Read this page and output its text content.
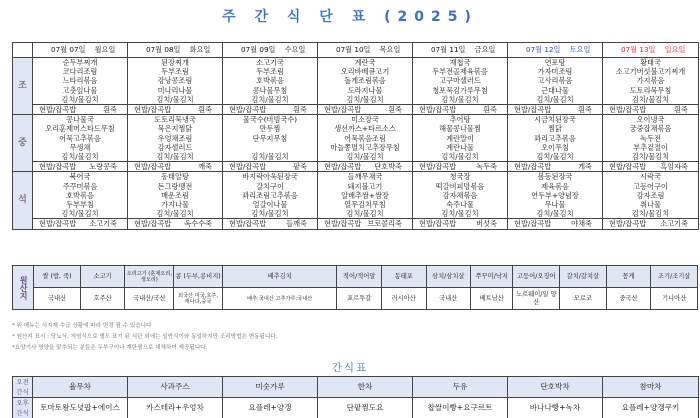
주 간 식 단 표 (2025)
	07월 07일 월요일	07월 08일 화요일	07월 09일 수요일	07월 10일 목요일	07월 11일 금요일	07월 12일 토요일	07월 13일 일요일
조	순두부찌개	된장찌개	소고기국	계란국	재첩국	연포탕	황태국
	코다리조림	두부조림	두부조림	오리바베큐고기	두부전골제육볶음	가자미조림	소고기버섯불고기찌개
	느타리볶음	강낭콩조림	호박볶음	돌게조림볶음	고구마샐러드	고사리볶음	가지볶음
	고춧잎나물	미나리나물	콩나물무침	도라지나물	청포묵김가루무침	근대나물	도토리묵무침
	김치/물김치	김치/물김치	김치/물김치	김치/물김치	김치/물김치	김치/물김치	김치/물김치

	현밥/잡곡밥 흰죽	현밥/잡곡밥 흰죽	현밥/잡곡밥 흰죽	현밥/잡곡밥 흰죽	현밥/잡곡밥 흰죽	현밥/잡곡밥 흰죽	현밥/잡곡밥 흰죽

중	콩나물국	도토리묵냉국	물국수(비빔국수)	미소장국	추어탕	시금치된장국	오이냉국
	오리훈제머스타드무침	묵은지찜닭	만두찜	생선까스+타르소스	해물콩나물찜	찜닭	궁중잡채볶음
	어묵고추볶음	우엉채조림	단무지무침	어묵볶음조림	계란말이	꽈리고추볶음	녹두전
	무생채	감자샐러드		마늘쫑멸치고추장무침	계란나물	오이무침	부추겉절이
	김치/물김치	김치/물김치	김치/물김치	김치/물김치	김치/물김치	김치/물김치	김치/물김치

	현밥/잡곡밥 노랑콩죽	현밥/잡곡밥 깨죽	현밥/잡곡밥 팥죽	현밥/잡곡밥 단호박죽	현밥/잡곡밥 녹두죽	현밥/잡곡밥 게죽	현밥/잡곡밥 흑임자죽

석	북어국	동태알탕	바지락아욱된장국	들깨무채국	청국장	봄동된장국	시락국
	주꾸미볶음	돈그랑땡전	갈치구이	돼지불고기	떡갈비피망볶음	제육볶음	고등어구이
	호박볶음	매운조림	꽈리조림고추볶음	알배추쌈+쌈장	감자채볶음	연두부+양념장	감자조림
	두부부침	가지나물	얼갈이나물	열무김치무침	숙주나물	무나물	취나물
	김치/물김치	김치/물김치	김치/물김치	김치/물김치	김치/물김치	김치/물김치	김치/물김치

	현밥/잡곡밥 소고기죽	현밥/잡곡밥 옥수수죽	현밥/잡곡밥 들깨죽	현밥/잡곡밥 브로콜리죽	현밥/잡곡밥 버섯죽	현밥/잡곡밥 야채죽	현밥/잡곡밥 소고기죽
원산지	쌀 (밥, 죽)	소고기	오리고기 (훈제오리,생오리)	콩 (두부,콩비지)	배추김치	적어/적어알	동태포	삼치/삼치살	쭈꾸미/낙지	고등어/오징어	갈치/갈치살	꽁게	조기/조기살
	국내산	호주산	국내산/국산	외국산 미국,호주, 캐나다,중국	배추:국내산 고추가루:국내산	포르투갈	러시아산	국내산	베트남산	노르웨이/일 양산	모로코	중국산	기니아산
* 위 메뉴는 식자재 수급 상황에 따라 변경 될 수 있습니다
* 원산지 표시 : 당뇨식, 저염식으로 별도 표기 된 식단 외에는 일반식이와 동일하지만 조리방법은 변동됩니다.
*요양기사 영양을 맞추되는 분들은 두부구이나 계란찜으로 대체하여 제공됩니다.
간식표
오전 간식	율무차	사과주스	미숫가루	한차	두유	단호박차	참마차
오후 간식	토마토왕도넛팝+에이스	카스테라+우엉차	요플레+양갱	단팥찜도요	찹쌀이빵+요구르트	바나나빵+녹차	요플레+양갱쿠키
